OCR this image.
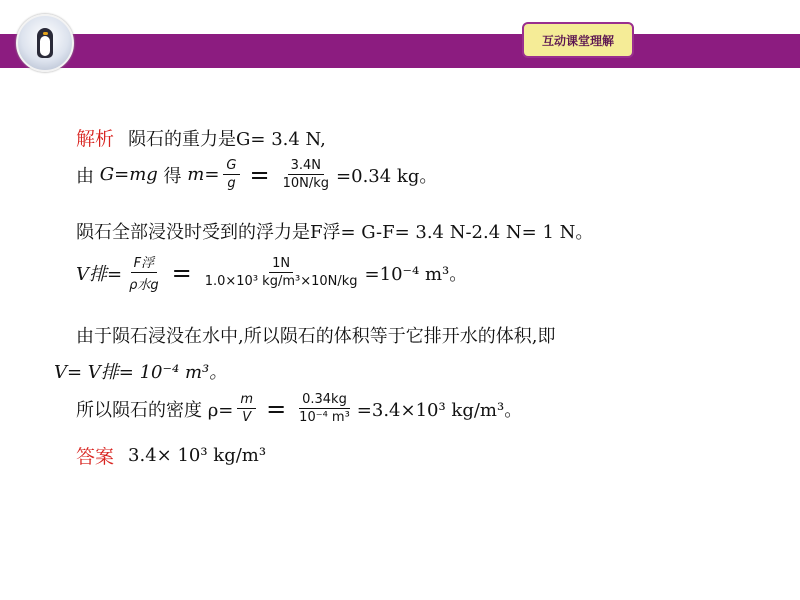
互动课堂理解
解析 陨石的重力是G= 3.4 N,
由
G=mg
得
$m= \frac{G}{g} = \frac{3.4N}{10N/kg} =0.34$ kg。
陨石全部浸没时受到的浮力是F浮= G-F= 3.4 N-2.4 N= 1 N。
V排= $\frac{\text{F浮}}{\text{ρ水g}} = \frac{1N}{\text{1.0×10³ kg/m³×10N/kg}} =10^{-4}$ m³。
由于陨石浸没在水中,所以陨石的体积等于它排开水的体积,即
V= V排= 10⁻⁴ m³。
所以陨石的密度 $\rho= \frac{m}{V} = \frac{0.34kg}{\text{10⁻⁴ m³}} =3.4\times 10^3$ kg/m³。
答案 3.4× 10³ kg/m³
